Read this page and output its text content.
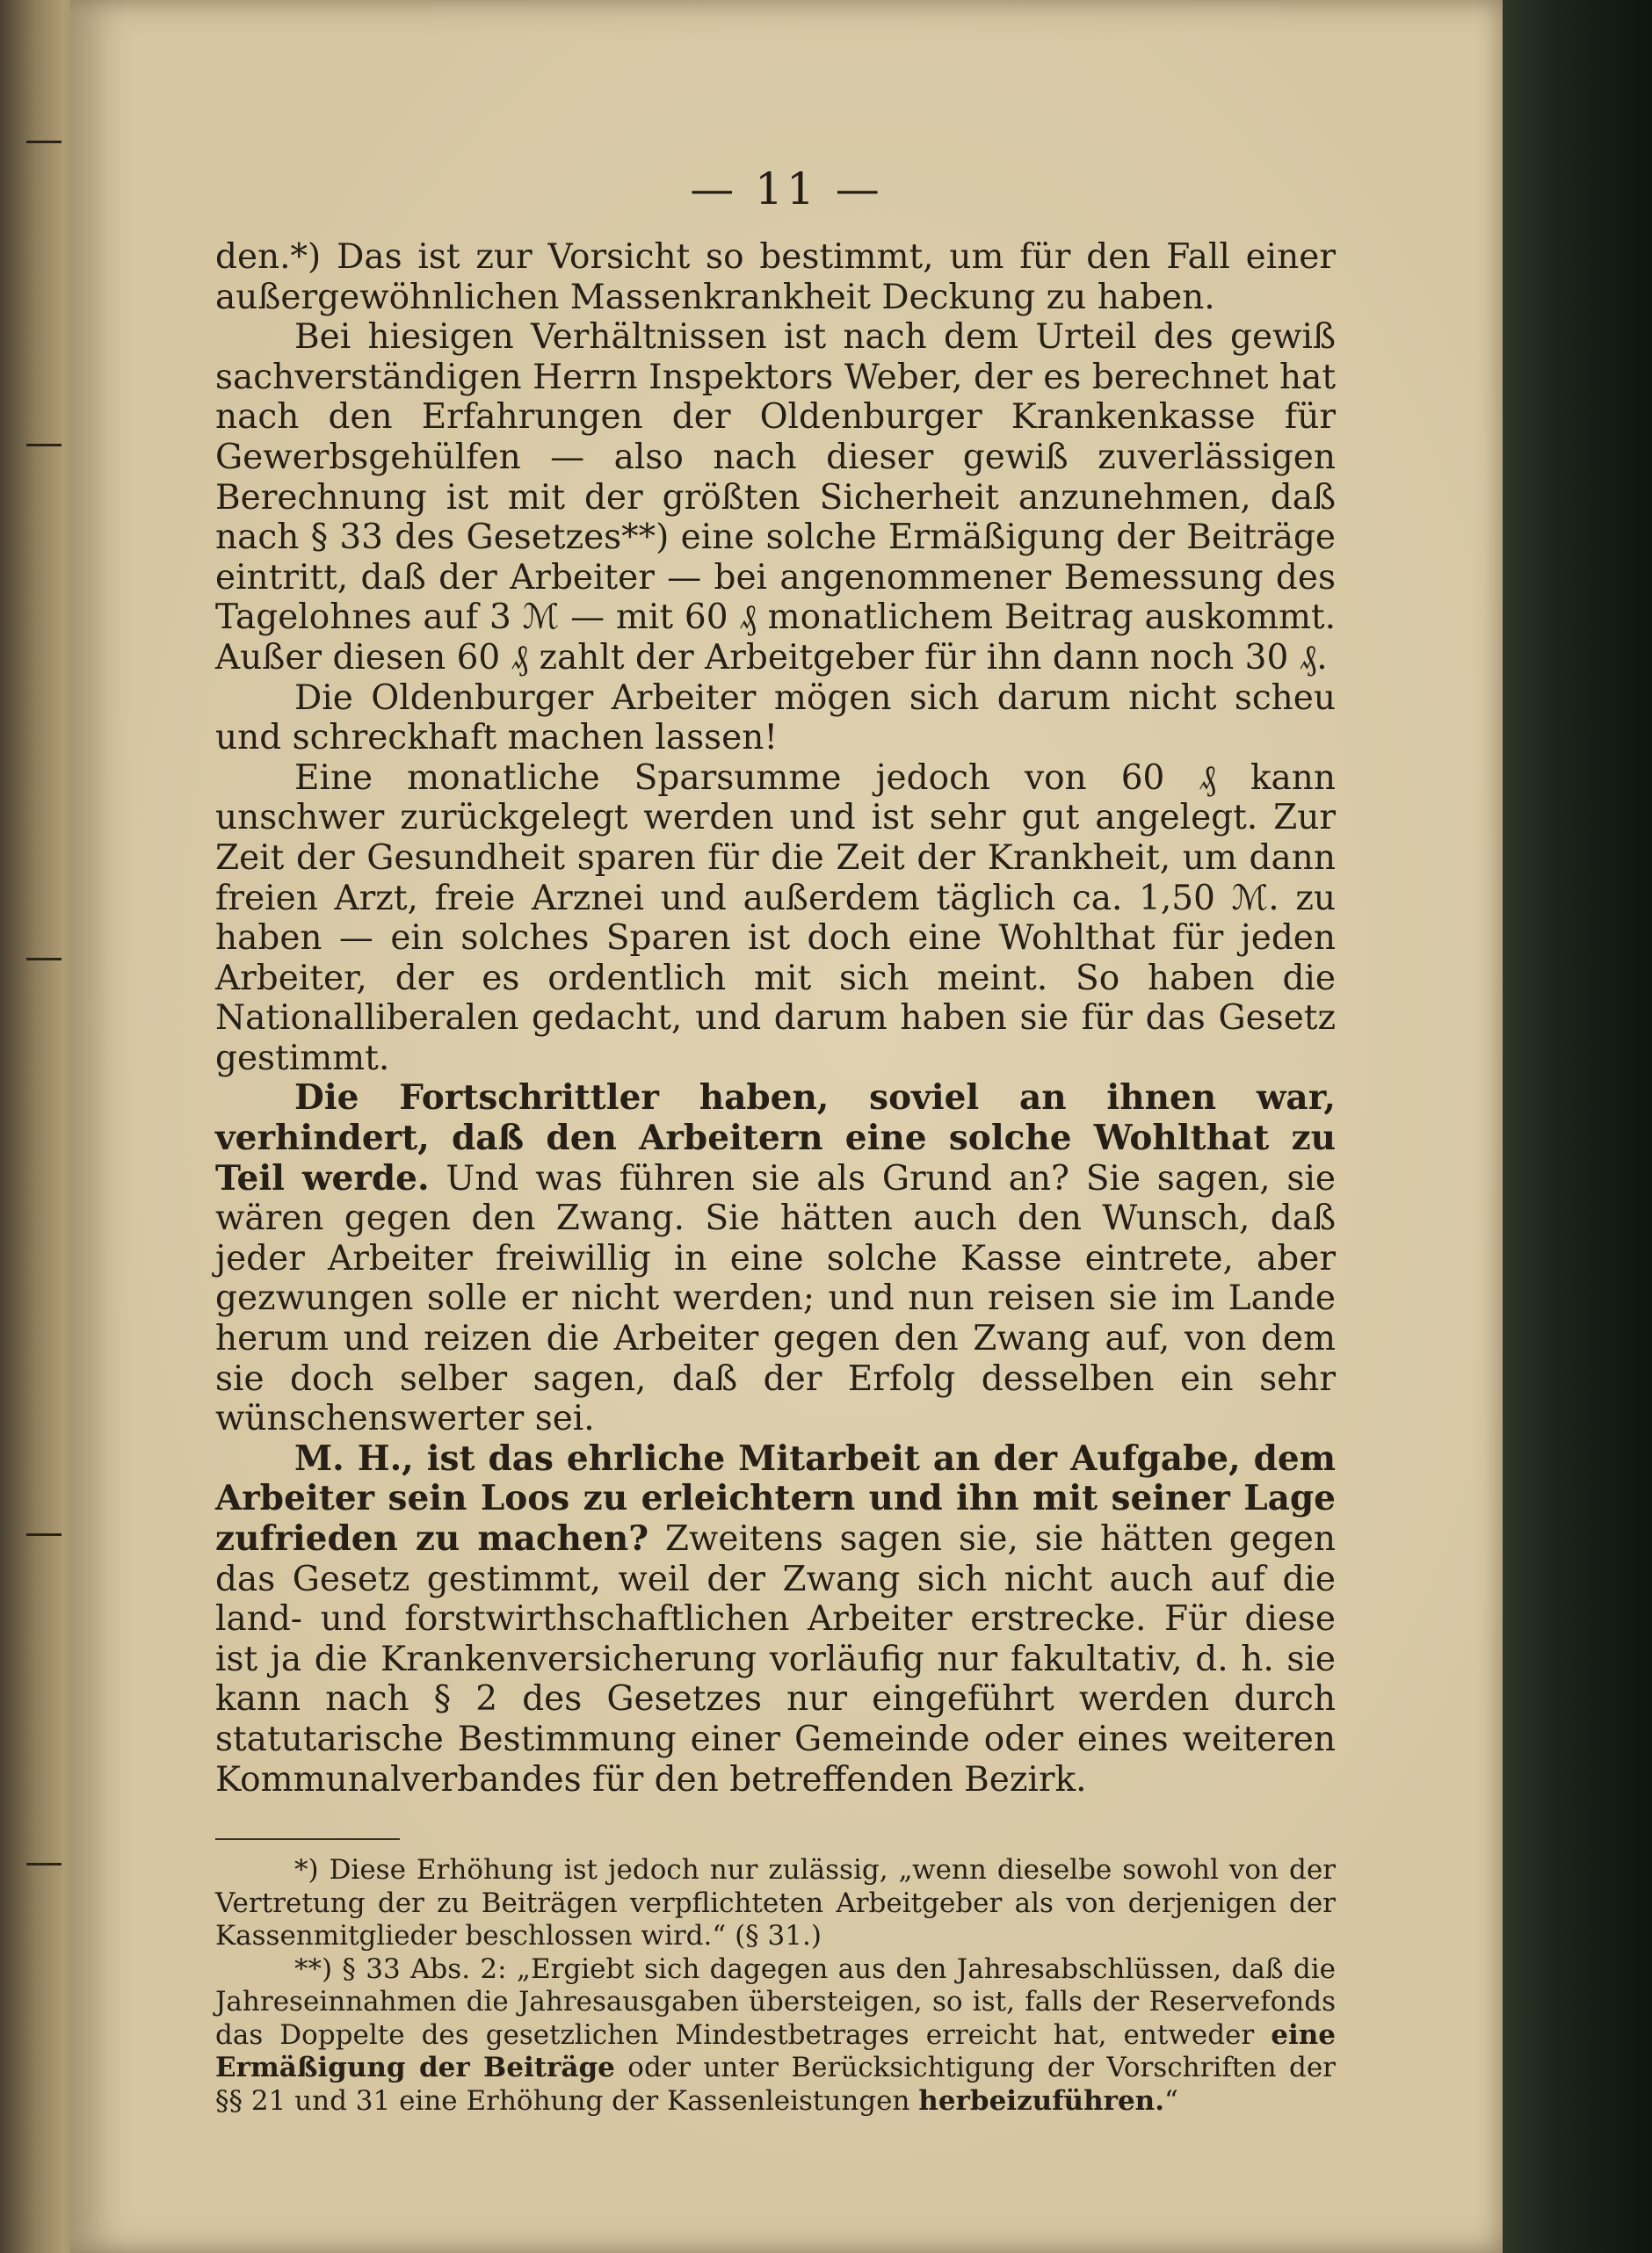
— 11 —

den.*) Das ist zur Vorsicht so bestimmt, um für den Fall einer außergewöhnlichen Massenkrankheit Deckung zu haben.

Bei hiesigen Verhältnissen ist nach dem Urteil des gewiß sachverständigen Herrn Inspektors Weber, der es berechnet hat nach den Erfahrungen der Oldenburger Krankenkasse für Gewerbsgehülfen — also nach dieser gewiß zuverlässigen Berechnung ist mit der größten Sicherheit anzunehmen, daß nach § 33 des Gesetzes**) eine solche Ermäßigung der Beiträge eintritt, daß der Arbeiter — bei angenommener Bemessung des Tagelohnes auf 3 ℳ — mit 60 ₰ monatlichem Beitrag auskommt. Außer diesen 60 ₰ zahlt der Arbeitgeber für ihn dann noch 30 ₰.

Die Oldenburger Arbeiter mögen sich darum nicht scheu und schreckhaft machen lassen!

Eine monatliche Sparsumme jedoch von 60 ₰ kann unschwer zurückgelegt werden und ist sehr gut angelegt. Zur Zeit der Gesundheit sparen für die Zeit der Krankheit, um dann freien Arzt, freie Arznei und außerdem täglich ca. 1,50 ℳ. zu haben — ein solches Sparen ist doch eine Wohlthat für jeden Arbeiter, der es ordentlich mit sich meint. So haben die Nationalliberalen gedacht, und darum haben sie für das Gesetz gestimmt.

Die Fortschrittler haben, soviel an ihnen war, verhindert, daß den Arbeitern eine solche Wohlthat zu Teil werde. Und was führen sie als Grund an? Sie sagen, sie wären gegen den Zwang. Sie hätten auch den Wunsch, daß jeder Arbeiter freiwillig in eine solche Kasse eintrete, aber gezwungen solle er nicht werden; und nun reisen sie im Lande herum und reizen die Arbeiter gegen den Zwang auf, von dem sie doch selber sagen, daß der Erfolg desselben ein sehr wünschenswerter sei.

M. H., ist das ehrliche Mitarbeit an der Aufgabe, dem Arbeiter sein Loos zu erleichtern und ihn mit seiner Lage zufrieden zu machen? Zweitens sagen sie, sie hätten gegen das Gesetz gestimmt, weil der Zwang sich nicht auch auf die land- und forstwirthschaftlichen Arbeiter erstrecke. Für diese ist ja die Krankenversicherung vorläufig nur fakultativ, d. h. sie kann nach § 2 des Gesetzes nur eingeführt werden durch statutarische Bestimmung einer Gemeinde oder eines weiteren Kommunalverbandes für den betreffenden Bezirk.

*) Diese Erhöhung ist jedoch nur zulässig, „wenn dieselbe sowohl von der Vertretung der zu Beiträgen verpflichteten Arbeitgeber als von derjenigen der Kassenmitglieder beschlossen wird.“ (§ 31.)

**) § 33 Abs. 2: „Ergiebt sich dagegen aus den Jahresabschlüssen, daß die Jahreseinnahmen die Jahresausgaben übersteigen, so ist, falls der Reservefonds das Doppelte des gesetzlichen Mindestbetrages erreicht hat, entweder eine Ermäßigung der Beiträge oder unter Berücksichtigung der Vorschriften der §§ 21 und 31 eine Erhöhung der Kassenleistungen herbeizuführen.“
